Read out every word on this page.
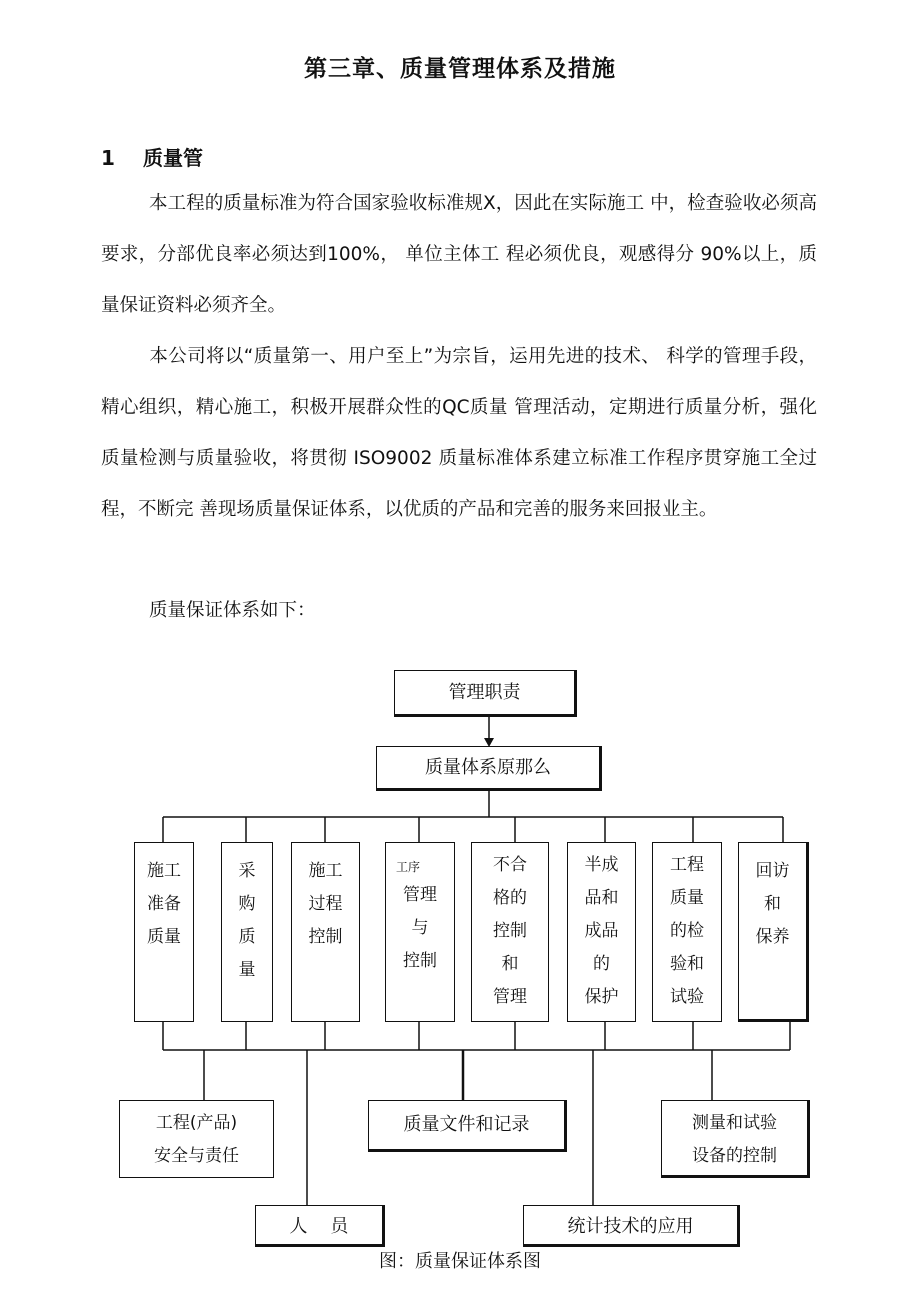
第三章、质量管理体系及措施
1 质量管

本工程的质量标准为符合国家验收标准规X，因此在实际施工 中，检查验收必须高要求，分部优良率必须达到100%， 单位主体工 程必须优良，观感得分 90%以上，质量保证资料必须齐全。

本公司将以“质量第一、用户至上”为宗旨，运用先进的技术、 科学的管理手段，精心组织，精心施工，积极开展群众性的QC质量 管理活动，定期进行质量分析，强化质量检测与质量验收，将贯彻 ISO9002 质量标准体系建立标准工作程序贯穿施工全过程，不断完 善现场质量保证体系，以优质的产品和完善的服务来回报业主。

质量保证体系如下：

管理职责
质量体系原那么
施工
准备
质量
采
购
质
量
施工
过程
控制
工序
管理
与
控制
不合
格的
控制
和
管理
半成
品和
成品
的
保护
工程
质量
的检
验和
试验
回访
和
保养
工程(产品)
安全与责任
质量文件和记录	测量和试验
设备的控制
人    员	统计技术的应用
图：质量保证体系图
